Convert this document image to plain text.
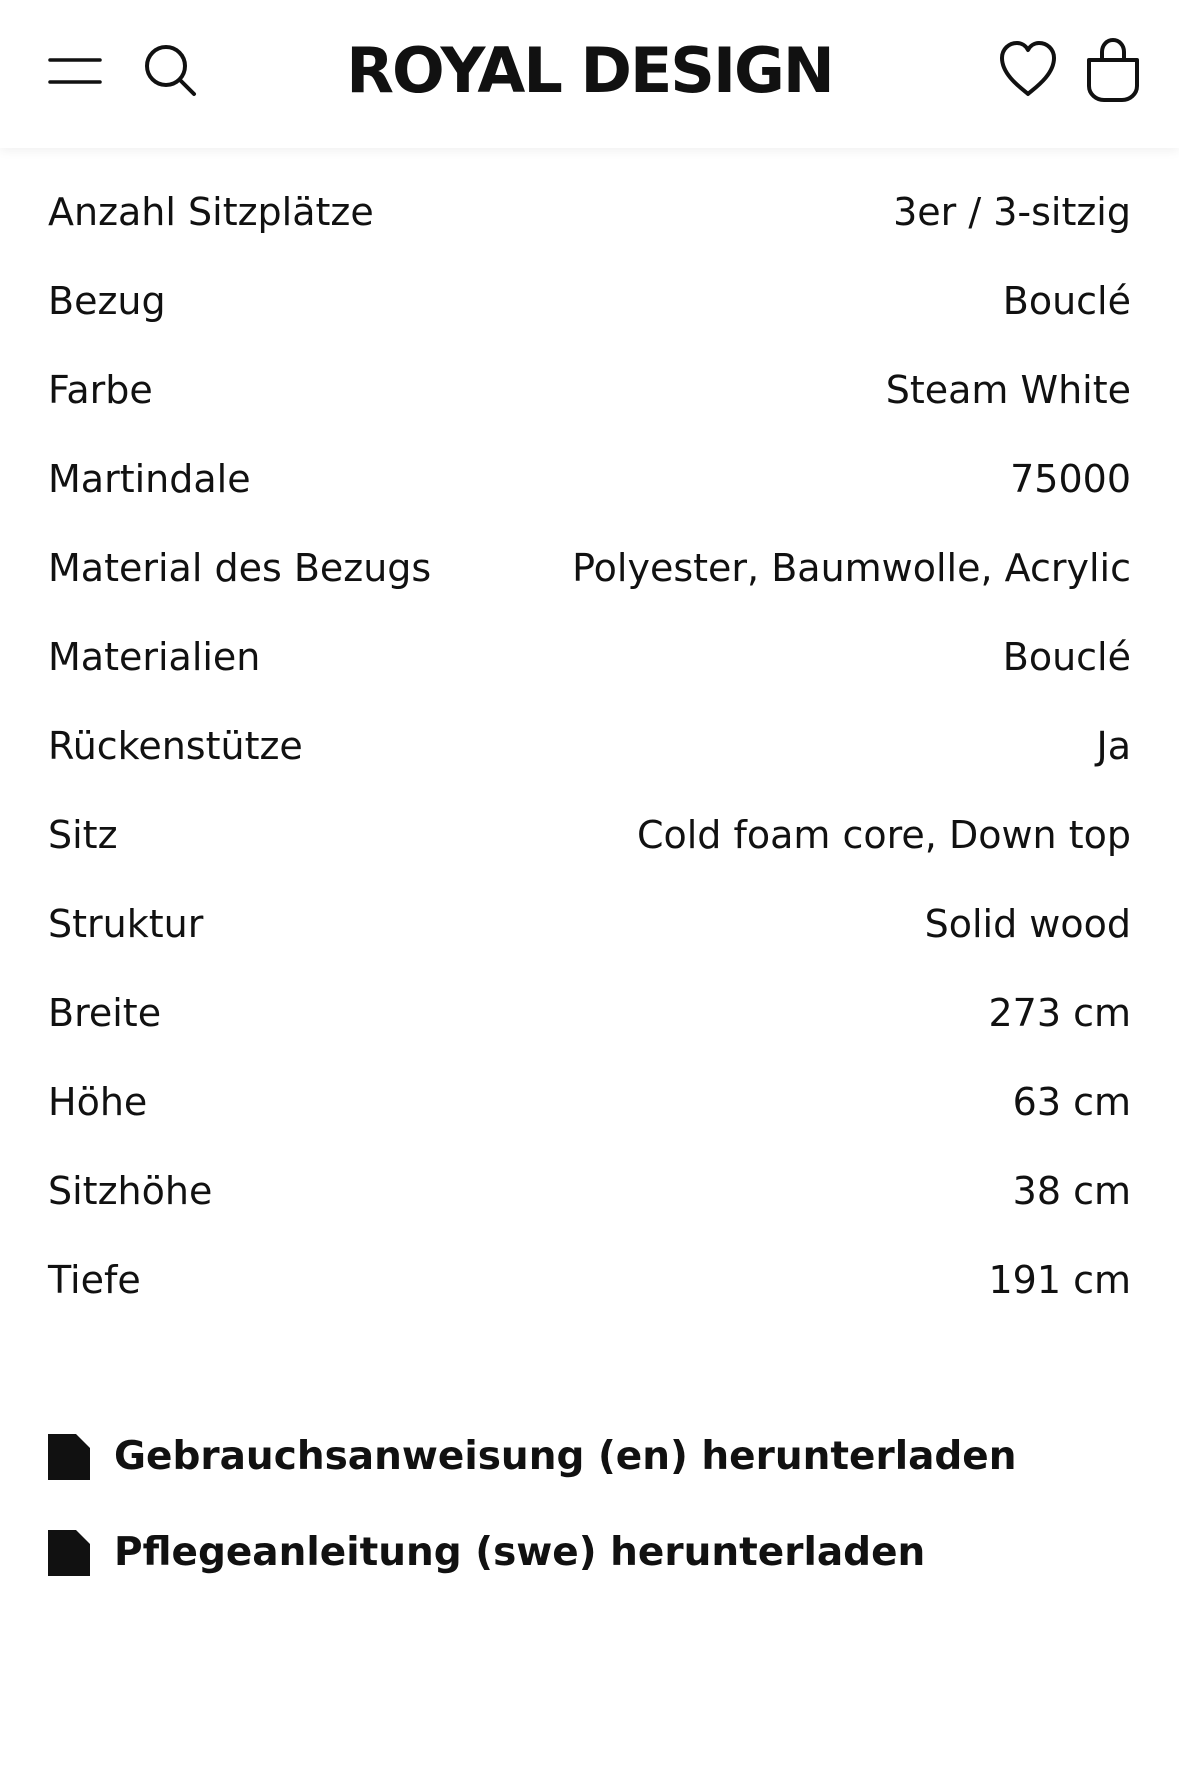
ROYAL DESIGN
Anzahl Sitzplätze	3er / 3-sitzig
Bezug	Bouclé
Farbe	Steam White
Martindale	75000
Material des Bezugs	Polyester, Baumwolle, Acrylic
Materialien	Bouclé
Rückenstütze	Ja
Sitz	Cold foam core, Down top
Struktur	Solid wood
Breite	273 cm
Höhe	63 cm
Sitzhöhe	38 cm
Tiefe	191 cm
Gebrauchsanweisung (en) herunterladen
Pflegeanleitung (swe) herunterladen
